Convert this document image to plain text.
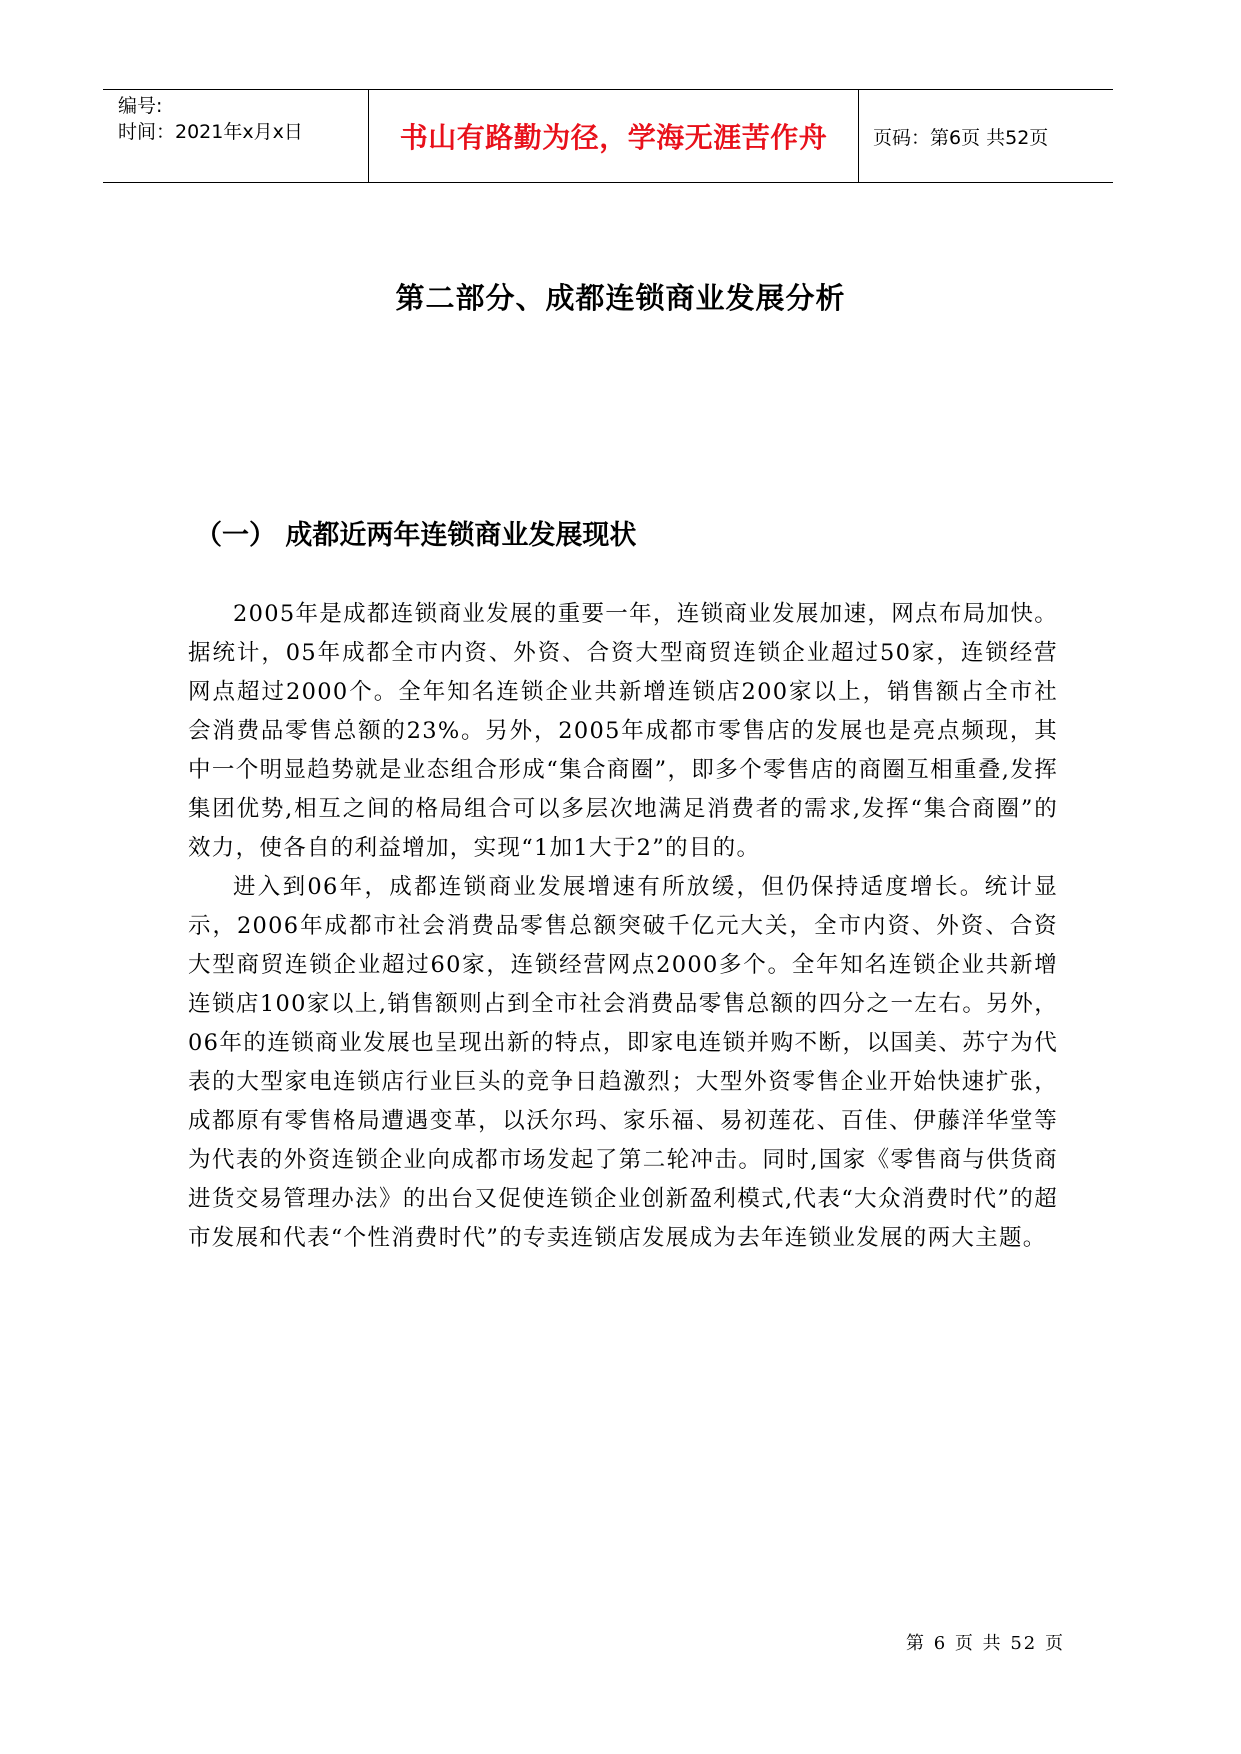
编号:
时间：2021年x月x日	书山有路勤为径，学海无涯苦作舟	页码：第6页 共52页
第二部分、成都连锁商业发展分析
（一） 成都近两年连锁商业发展现状

2005年是成都连锁商业发展的重要一年，连锁商业发展加速，网点布局加快。据统计，05年成都全市内资、外资、合资大型商贸连锁企业超过50家，连锁经营网点超过2000个。全年知名连锁企业共新增连锁店200家以上，销售额占全市社会消费品零售总额的23%。另外，2005年成都市零售店的发展也是亮点频现，其中一个明显趋势就是业态组合形成“集合商圈”，即多个零售店的商圈互相重叠,发挥集团优势,相互之间的格局组合可以多层次地满足消费者的需求,发挥“集合商圈”的效力，使各自的利益增加，实现“1加1大于2”的目的。

进入到06年，成都连锁商业发展增速有所放缓，但仍保持适度增长。统计显示，2006年成都市社会消费品零售总额突破千亿元大关，全市内资、外资、合资大型商贸连锁企业超过60家，连锁经营网点2000多个。全年知名连锁企业共新增连锁店100家以上,销售额则占到全市社会消费品零售总额的四分之一左右。另外，06年的连锁商业发展也呈现出新的特点，即家电连锁并购不断，以国美、苏宁为代表的大型家电连锁店行业巨头的竞争日趋激烈；大型外资零售企业开始快速扩张，成都原有零售格局遭遇变革，以沃尔玛、家乐福、易初莲花、百佳、伊藤洋华堂等为代表的外资连锁企业向成都市场发起了第二轮冲击。同时,国家《零售商与供货商进货交易管理办法》的出台又促使连锁企业创新盈利模式,代表“大众消费时代”的超市发展和代表“个性消费时代”的专卖连锁店发展成为去年连锁业发展的两大主题。

第 6 页 共 52 页
